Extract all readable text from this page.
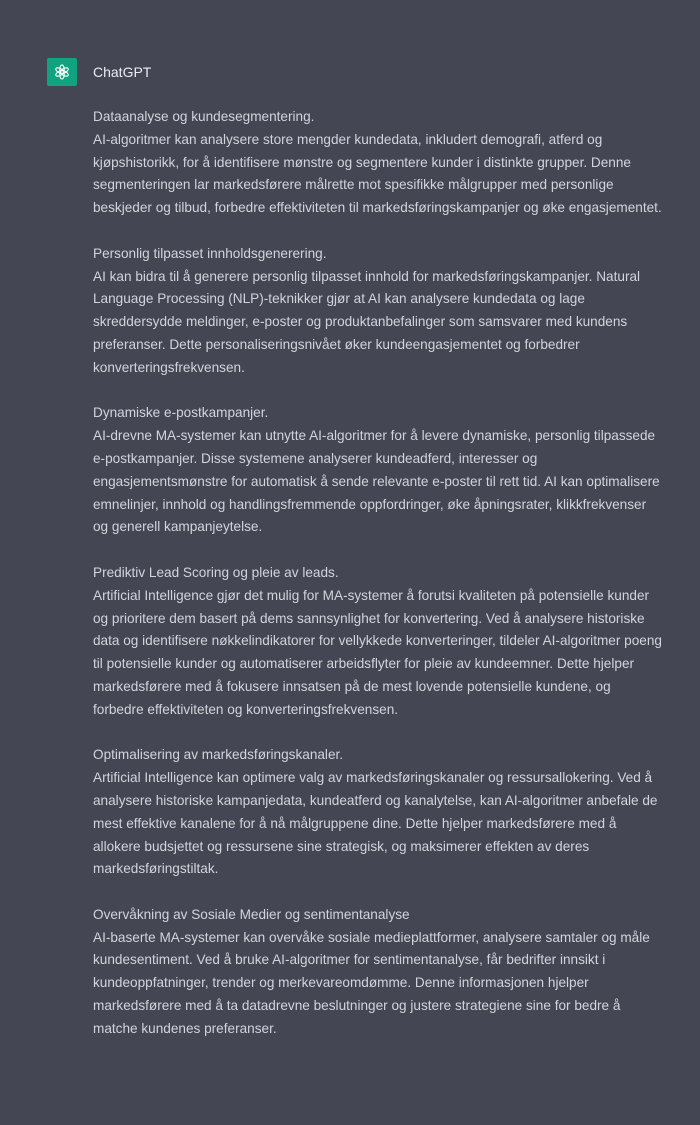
ChatGPT
Dataanalyse og kundesegmentering.
AI-algoritmer kan analysere store mengder kundedata, inkludert demografi, atferd og kjøpshistorikk, for å identifisere mønstre og segmentere kunder i distinkte grupper. Denne segmenteringen lar markedsførere målrette mot spesifikke målgrupper med personlige beskjeder og tilbud, forbedre effektiviteten til markedsføringskampanjer og øke engasjementet.
Personlig tilpasset innholdsgenerering.
AI kan bidra til å generere personlig tilpasset innhold for markedsføringskampanjer. Natural Language Processing (NLP)-teknikker gjør at AI kan analysere kundedata og lage skreddersydde meldinger, e-poster og produktanbefalinger som samsvarer med kundens preferanser. Dette personaliseringsnivået øker kundeengasjementet og forbedrer konverteringsfrekvensen.
Dynamiske e-postkampanjer.
AI-drevne MA-systemer kan utnytte AI-algoritmer for å levere dynamiske, personlig tilpassede e-postkampanjer. Disse systemene analyserer kundeadferd, interesser og engasjementsmønstre for automatisk å sende relevante e-poster til rett tid. AI kan optimalisere emnelinjer, innhold og handlingsfremmende oppfordringer, øke åpningsrater, klikkfrekvenser og generell kampanjeytelse.
Prediktiv Lead Scoring og pleie av leads.
Artificial Intelligence gjør det mulig for MA-systemer å forutsi kvaliteten på potensielle kunder og prioritere dem basert på dems sannsynlighet for konvertering. Ved å analysere historiske data og identifisere nøkkelindikatorer for vellykkede konverteringer, tildeler AI-algoritmer poeng til potensielle kunder og automatiserer arbeidsflyter for pleie av kundeemner. Dette hjelper markedsførere med å fokusere innsatsen på de mest lovende potensielle kundene, og forbedre effektiviteten og konverteringsfrekvensen.
Optimalisering av markedsføringskanaler.
Artificial Intelligence kan optimere valg av markedsføringskanaler og ressursallokering. Ved å analysere historiske kampanjedata, kundeatferd og kanalytelse, kan AI-algoritmer anbefale de mest effektive kanalene for å nå målgruppene dine. Dette hjelper markedsførere med å allokere budsjettet og ressursene sine strategisk, og maksimerer effekten av deres markedsføringstiltak.
Overvåkning av Sosiale Medier og sentimentanalyse
AI-baserte MA-systemer kan overvåke sosiale medieplattformer, analysere samtaler og måle kundesentiment. Ved å bruke AI-algoritmer for sentimentanalyse, får bedrifter innsikt i kundeoppfatninger, trender og merkevareomdømme. Denne informasjonen hjelper markedsførere med å ta datadrevne beslutninger og justere strategiene sine for bedre å matche kundenes preferanser.
